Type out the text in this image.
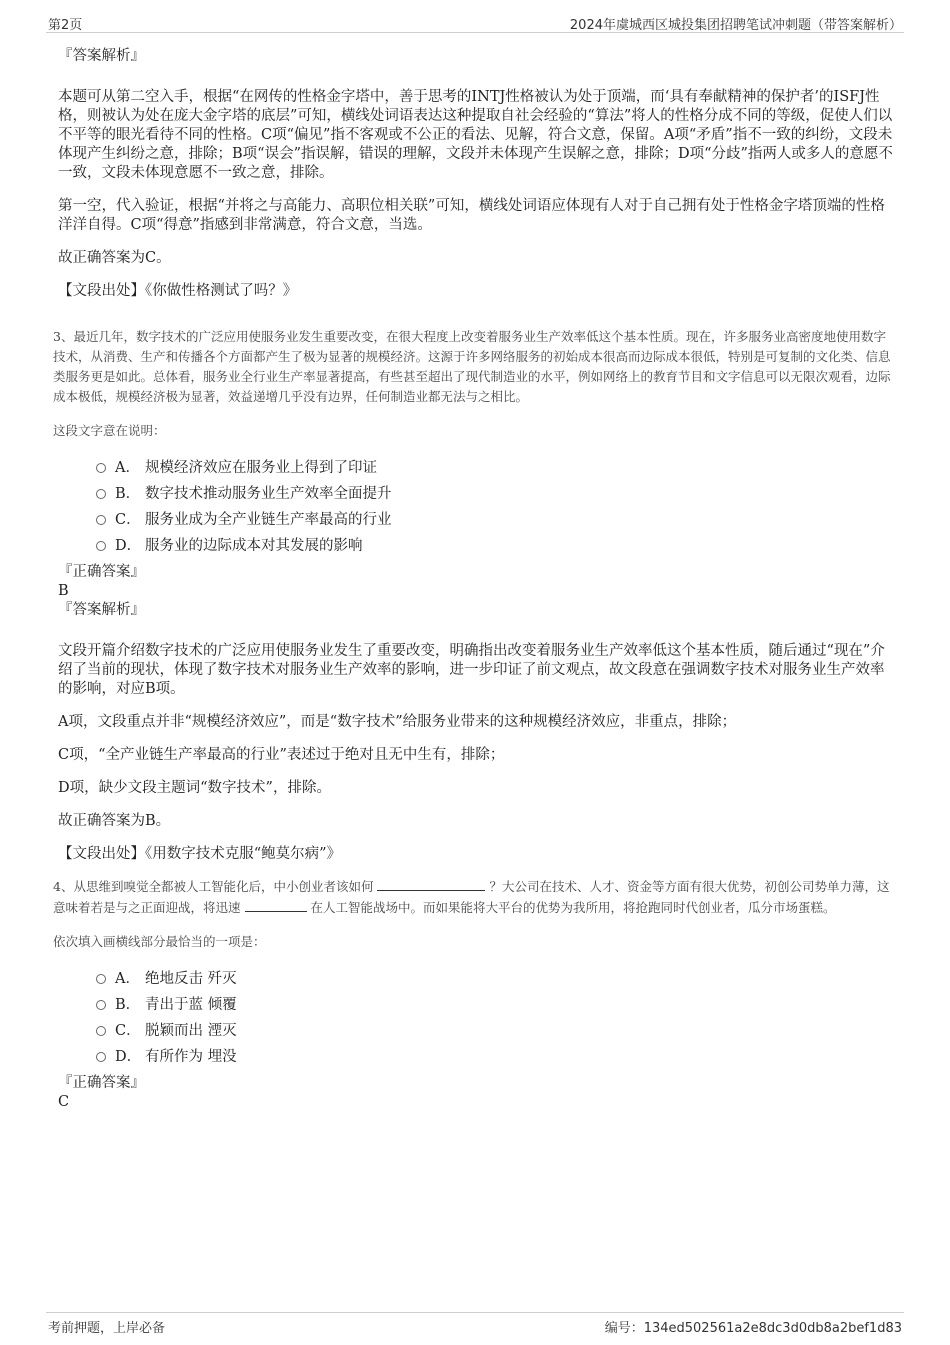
第2页	2024年虞城西区城投集团招聘笔试冲刺题（带答案解析）

『答案解析』

本题可从第二空入手，根据“在网传的性格金字塔中，善于思考的INTJ性格被认为处于顶端，而‘具有奉献精神的保护者’的ISFJ性格，则被认为处在庞大金字塔的底层”可知，横线处词语表达这种提取自社会经验的“算法”将人的性格分成不同的等级，促使人们以不平等的眼光看待不同的性格。C项“偏见”指不客观或不公正的看法、见解，符合文意，保留。A项“矛盾”指不一致的纠纷，文段未体现产生纠纷之意，排除；B项“误会”指误解，错误的理解，文段并未体现产生误解之意，排除；D项“分歧”指两人或多人的意愿不一致，文段未体现意愿不一致之意，排除。

第一空，代入验证，根据“并将之与高能力、高职位相关联”可知，横线处词语应体现有人对于自己拥有处于性格金字塔顶端的性格洋洋自得。C项“得意”指感到非常满意，符合文意，当选。

故正确答案为C。

【文段出处】《你做性格测试了吗？》

3、最近几年，数字技术的广泛应用使服务业发生重要改变，在很大程度上改变着服务业生产效率低这个基本性质。现在，许多服务业高密度地使用数字技术，从消费、生产和传播各个方面都产生了极为显著的规模经济。这源于许多网络服务的初始成本很高而边际成本很低，特别是可复制的文化类、信息类服务更是如此。总体看，服务业全行业生产率显著提高，有些甚至超出了现代制造业的水平，例如网络上的教育节目和文字信息可以无限次观看，边际成本极低，规模经济极为显著，效益递增几乎没有边界，任何制造业都无法与之相比。

这段文字意在说明：

A． 规模经济效应在服务业上得到了印证
B． 数字技术推动服务业生产效率全面提升
C． 服务业成为全产业链生产率最高的行业
D． 服务业的边际成本对其发展的影响

『正确答案』

B

『答案解析』

文段开篇介绍数字技术的广泛应用使服务业发生了重要改变，明确指出改变着服务业生产效率低这个基本性质，随后通过“现在”介绍了当前的现状，体现了数字技术对服务业生产效率的影响，进一步印证了前文观点，故文段意在强调数字技术对服务业生产效率的影响，对应B项。

A项，文段重点并非“规模经济效应”，而是“数字技术”给服务业带来的这种规模经济效应，非重点，排除；

C项，“全产业链生产率最高的行业”表述过于绝对且无中生有，排除；

D项，缺少文段主题词“数字技术”，排除。

故正确答案为B。

【文段出处】《用数字技术克服“鲍莫尔病”》

4、从思维到嗅觉全都被人工智能化后，中小创业者该如何	？大公司在技术、人才、资金等方面有很大优势，初创公司势单力薄，这意味着若是与之正面迎战，将迅速	在人工智能战场中。而如果能将大平台的优势为我所用，将抢跑同时代创业者，瓜分市场蛋糕。

依次填入画横线部分最恰当的一项是：

A． 绝地反击 歼灭
B． 青出于蓝 倾覆
C． 脱颖而出 湮灭
D． 有所作为 埋没

『正确答案』

C

考前押题，上岸必备	编号：134ed502561a2e8dc3d0db8a2bef1d83
